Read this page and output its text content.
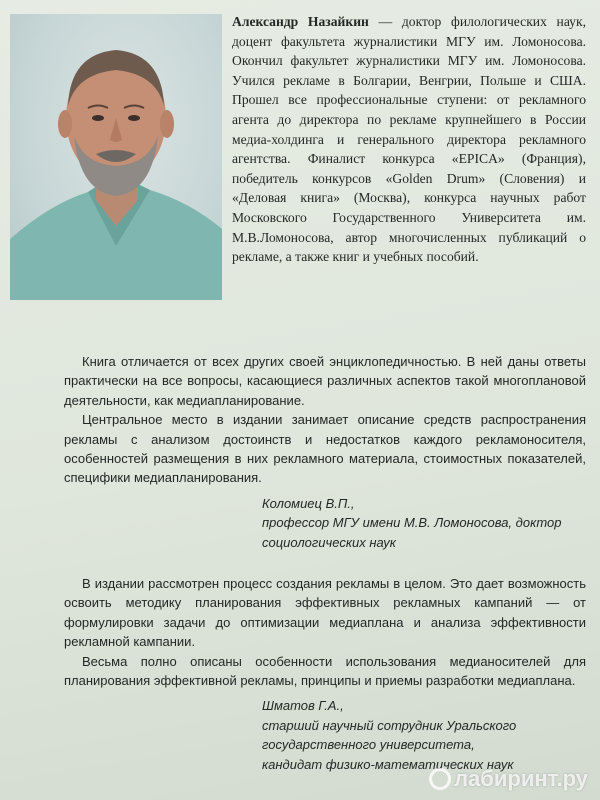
Александр Назайкин — доктор филологических наук, доцент факультета журналистики МГУ им. Ломоносова. Окончил факультет журналистики МГУ им. Ломоносова. Учился рекламе в Болгарии, Венгрии, Польше и США. Прошел все профессиональные ступени: от рекламного агента до директора по рекламе крупнейшего в России медиа-холдинга и генерального директора рекламного агентства. Финалист конкурса «EPICA» (Франция), победитель конкурсов «Golden Drum» (Словения) и «Деловая книга» (Москва), конкурса научных работ Московского Государственного Университета им. М.В.Ломоносова, автор многочисленных публикаций о рекламе, а также книг и учебных пособий.

Книга отличается от всех других своей энциклопедичностью. В ней даны ответы практически на все вопросы, касающиеся различных аспектов такой многоплановой деятельности, как медиапланирование.

Центральное место в издании занимает описание средств распространения рекламы с анализом достоинств и недостатков каждого рекламоносителя, особенностей размещения в них рекламного материала, стоимостных показателей, специфики медиапланирования.

Коломиец В.П.,
профессор МГУ имени М.В. Ломоносова, доктор социологических наук

В издании рассмотрен процесс создания рекламы в целом. Это дает возможность освоить методику планирования эффективных рекламных кампаний — от формулировки задачи до оптимизации медиаплана и анализа эффективности рекламной кампании.

Весьма полно описаны особенности использования медианосителей для планирования эффективной рекламы, принципы и приемы разработки медиаплана.

Шматов Г.А.,
старший научный сотрудник Уральского
государственного университета,
кандидат физико-математических наук
лабиринт.ру
